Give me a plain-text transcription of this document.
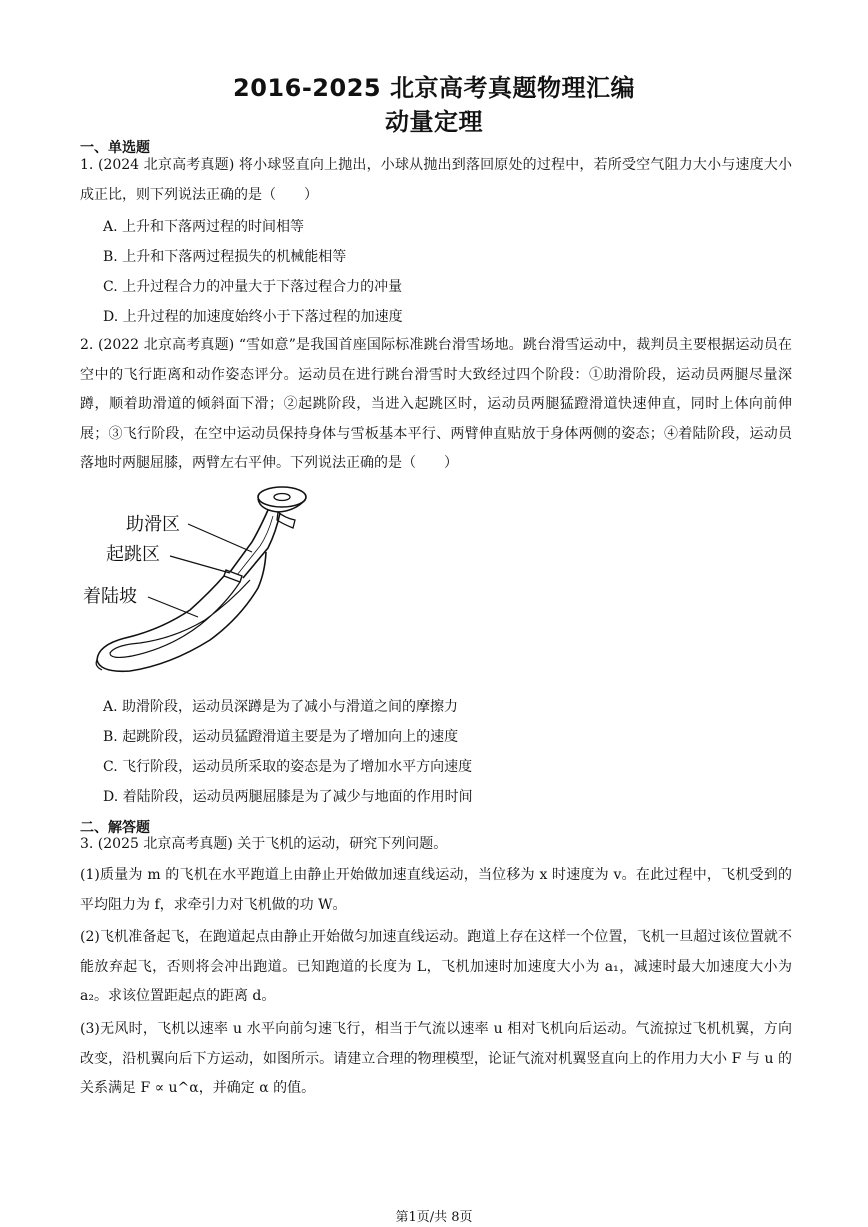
2016-2025 北京高考真题物理汇编
动量定理
一、单选题
1. (2024 北京高考真题) 将小球竖直向上抛出，小球从抛出到落回原处的过程中，若所受空气阻力大小与速度大小成正比，则下列说法正确的是（　　）
A. 上升和下落两过程的时间相等
B. 上升和下落两过程损失的机械能相等
C. 上升过程合力的冲量大于下落过程合力的冲量
D. 上升过程的加速度始终小于下落过程的加速度
2. (2022 北京高考真题) “雪如意”是我国首座国际标准跳台滑雪场地。跳台滑雪运动中，裁判员主要根据运动员在空中的飞行距离和动作姿态评分。运动员在进行跳台滑雪时大致经过四个阶段：①助滑阶段，运动员两腿尽量深蹲，顺着助滑道的倾斜面下滑；②起跳阶段，当进入起跳区时，运动员两腿猛蹬滑道快速伸直，同时上体向前伸展；③飞行阶段，在空中运动员保持身体与雪板基本平行、两臂伸直贴放于身体两侧的姿态；④着陆阶段，运动员落地时两腿屈膝，两臂左右平伸。下列说法正确的是（　　）
助滑区
起跳区
着陆坡
A. 助滑阶段，运动员深蹲是为了减小与滑道之间的摩擦力
B. 起跳阶段，运动员猛蹬滑道主要是为了增加向上的速度
C. 飞行阶段，运动员所采取的姿态是为了增加水平方向速度
D. 着陆阶段，运动员两腿屈膝是为了减少与地面的作用时间
二、解答题
3. (2025 北京高考真题) 关于飞机的运动，研究下列问题。
(1)质量为 m 的飞机在水平跑道上由静止开始做加速直线运动，当位移为 x 时速度为 v。在此过程中，飞机受到的平均阻力为 f，求牵引力对飞机做的功 W。
(2)飞机准备起飞，在跑道起点由静止开始做匀加速直线运动。跑道上存在这样一个位置，飞机一旦超过该位置就不能放弃起飞，否则将会冲出跑道。已知跑道的长度为 L，飞机加速时加速度大小为 a₁，减速时最大加速度大小为 a₂。求该位置距起点的距离 d。
(3)无风时，飞机以速率 u 水平向前匀速飞行，相当于气流以速率 u 相对飞机向后运动。气流掠过飞机机翼，方向改变，沿机翼向后下方运动，如图所示。请建立合理的物理模型，论证气流对机翼竖直向上的作用力大小 F 与 u 的关系满足 F ∝ u^α，并确定 α 的值。
第1页/共 8页
